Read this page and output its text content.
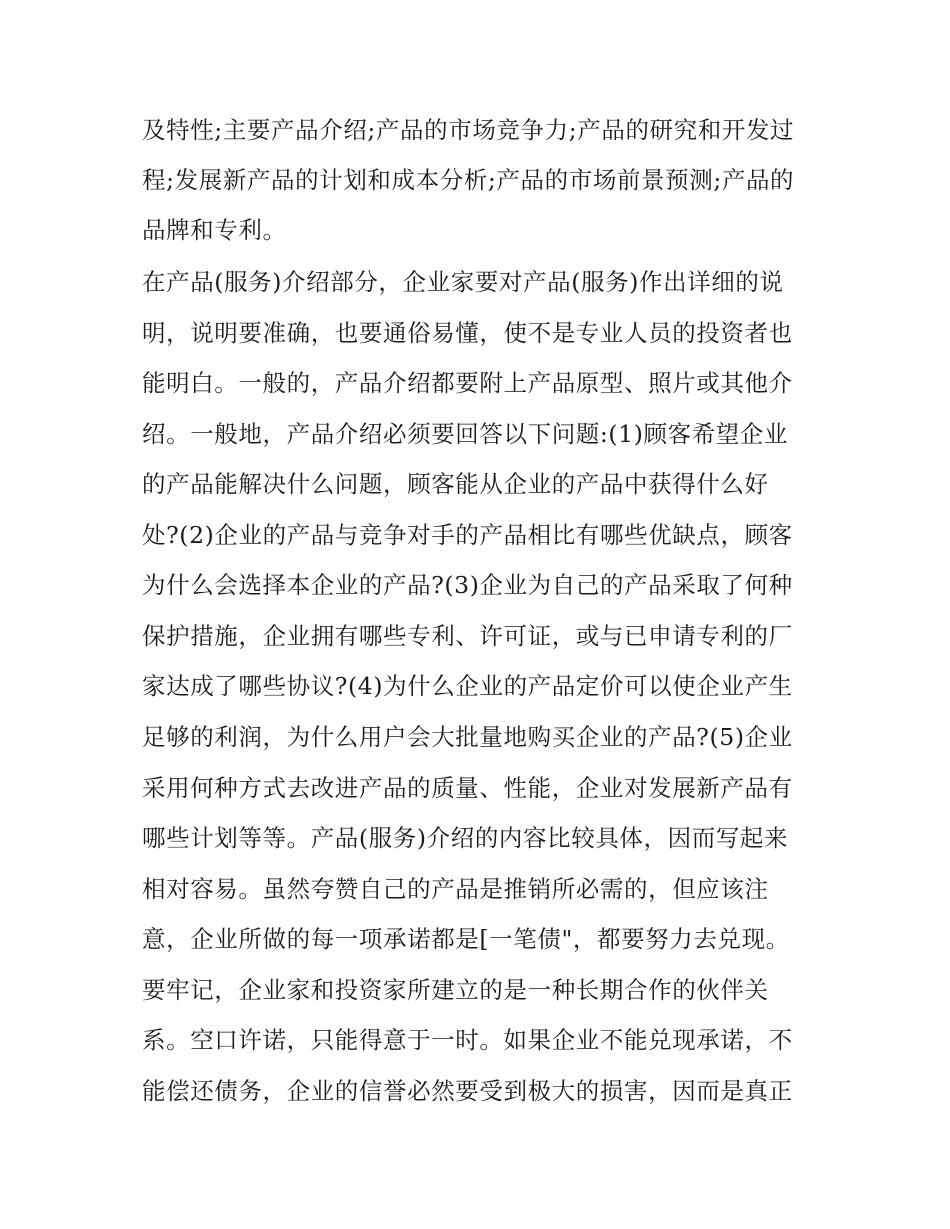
及特性;主要产品介绍;产品的市场竞争力;产品的研究和开发过
程;发展新产品的计划和成本分析;产品的市场前景预测;产品的
品牌和专利。
在产品(服务)介绍部分，企业家要对产品(服务)作出详细的说
明，说明要准确，也要通俗易懂，使不是专业人员的投资者也
能明白。一般的，产品介绍都要附上产品原型、照片或其他介
绍。一般地，产品介绍必须要回答以下问题:(1)顾客希望企业
的产品能解决什么问题，顾客能从企业的产品中获得什么好
处?(2)企业的产品与竞争对手的产品相比有哪些优缺点，顾客
为什么会选择本企业的产品?(3)企业为自己的产品采取了何种
保护措施，企业拥有哪些专利、许可证，或与已申请专利的厂
家达成了哪些协议?(4)为什么企业的产品定价可以使企业产生
足够的利润，为什么用户会大批量地购买企业的产品?(5)企业
采用何种方式去改进产品的质量、性能，企业对发展新产品有
哪些计划等等。产品(服务)介绍的内容比较具体，因而写起来
相对容易。虽然夸赞自己的产品是推销所必需的，但应该注
意，企业所做的每一项承诺都是[一笔债"，都要努力去兑现。
要牢记，企业家和投资家所建立的是一种长期合作的伙伴关
系。空口许诺，只能得意于一时。如果企业不能兑现承诺，不
能偿还债务，企业的信誉必然要受到极大的损害，因而是真正
